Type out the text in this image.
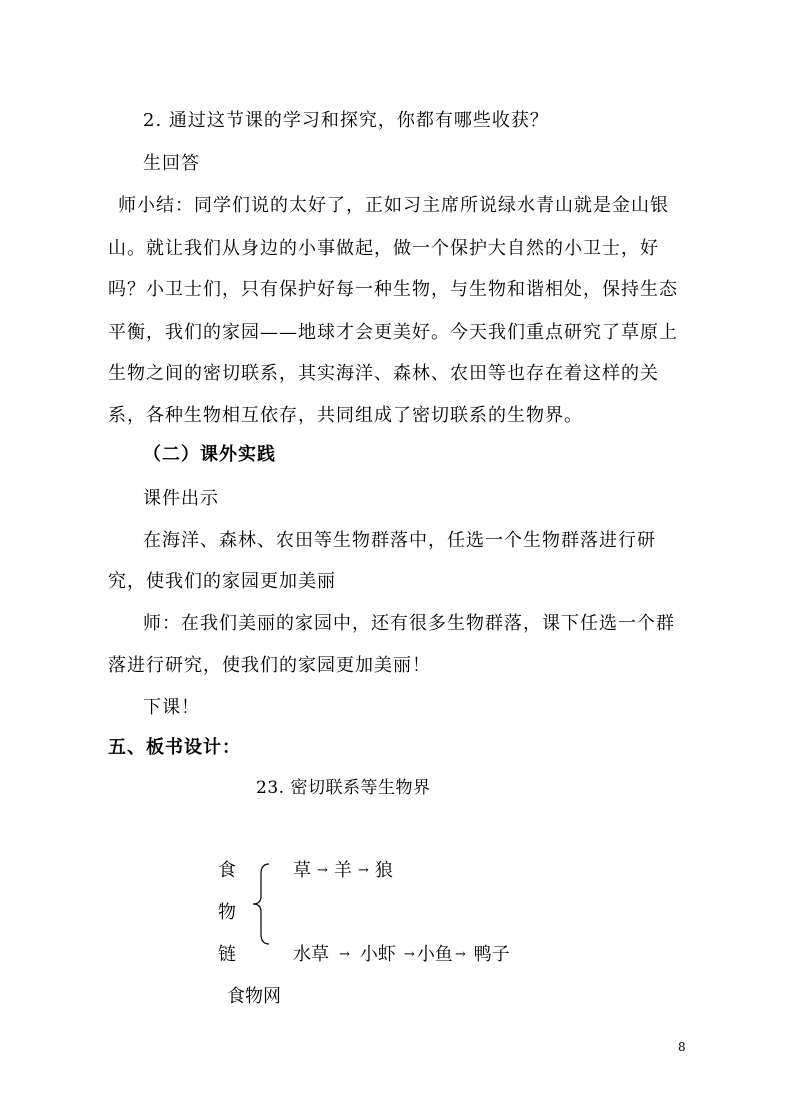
2. 通过这节课的学习和探究，你都有哪些收获？
生回答
师小结：同学们说的太好了，正如习主席所说绿水青山就是金山银
山。就让我们从身边的小事做起，做一个保护大自然的小卫士，好
吗？小卫士们，只有保护好每一种生物，与生物和谐相处，保持生态
平衡，我们的家园——地球才会更美好。今天我们重点研究了草原上
生物之间的密切联系，其实海洋、森林、农田等也存在着这样的关
系，各种生物相互依存，共同组成了密切联系的生物界。
（二）课外实践
课件出示
在海洋、森林、农田等生物群落中，任选一个生物群落进行研
究，使我们的家园更加美丽
师：在我们美丽的家园中，还有很多生物群落，课下任选一个群
落进行研究，使我们的家园更加美丽！
下课！
五、板书设计：
23. 密切联系等生物界
食
物
链
草 → 羊 → 狼
水草 → 小虾 → 小鱼 → 鸭子
食物网
8
